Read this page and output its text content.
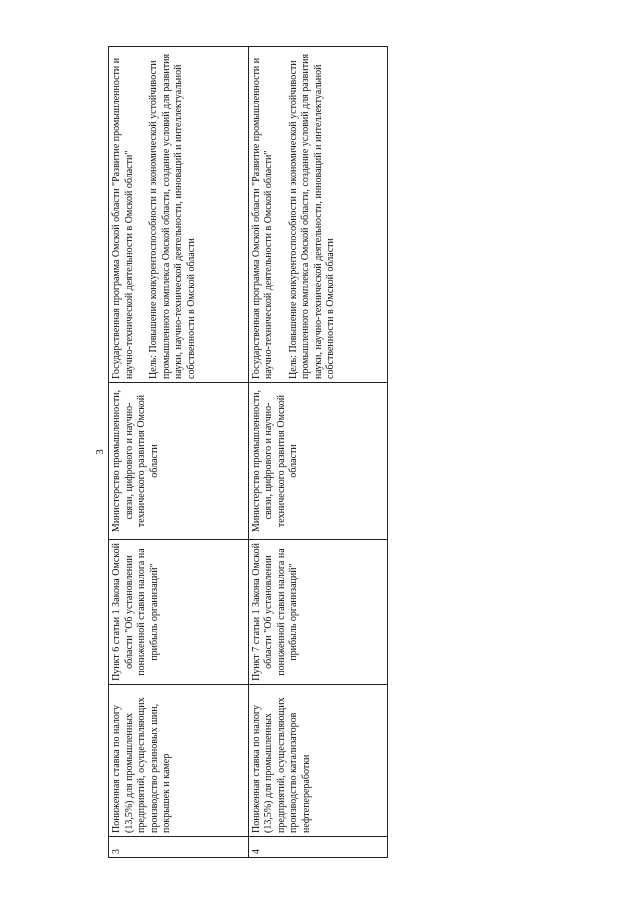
3
3	Пониженная ставка по налогу (13,5%) для промышленных предприятий, осуществляющих производство резиновых шин, покрышек и камер	Пункт 6 статьи 1 Закона Омской области "Об установлении пониженной ставки налога на прибыль организаций"	Министерство промышленности, связи, цифрового и научно-технического развития Омской области	Государственная программа Омской области "Развитие промышленности и научно-технической деятельности в Омской области" Цель: Повышение конкурентоспособности и экономической устойчивости промышленного комплекса Омской области, создание условий для развития науки, научно-технической деятельности, инноваций и интеллектуальной собственности в Омской области

4	Пониженная ставка по налогу (13,5%) для промышленных предприятий, осуществляющих производство катализаторов нефтепереработки	Пункт 7 статьи 1 Закона Омской области "Об установлении пониженной ставки налога на прибыль организаций"	Министерство промышленности, связи, цифрового и научно-технического развития Омской области	Государственная программа Омской области "Развитие промышленности и научно-технической деятельности в Омской области" Цель: Повышение конкурентоспособности и экономической устойчивости промышленного комплекса Омской области, создание условий для развития науки, научно-технической деятельности, инноваций и интеллектуальной собственности в Омской области
